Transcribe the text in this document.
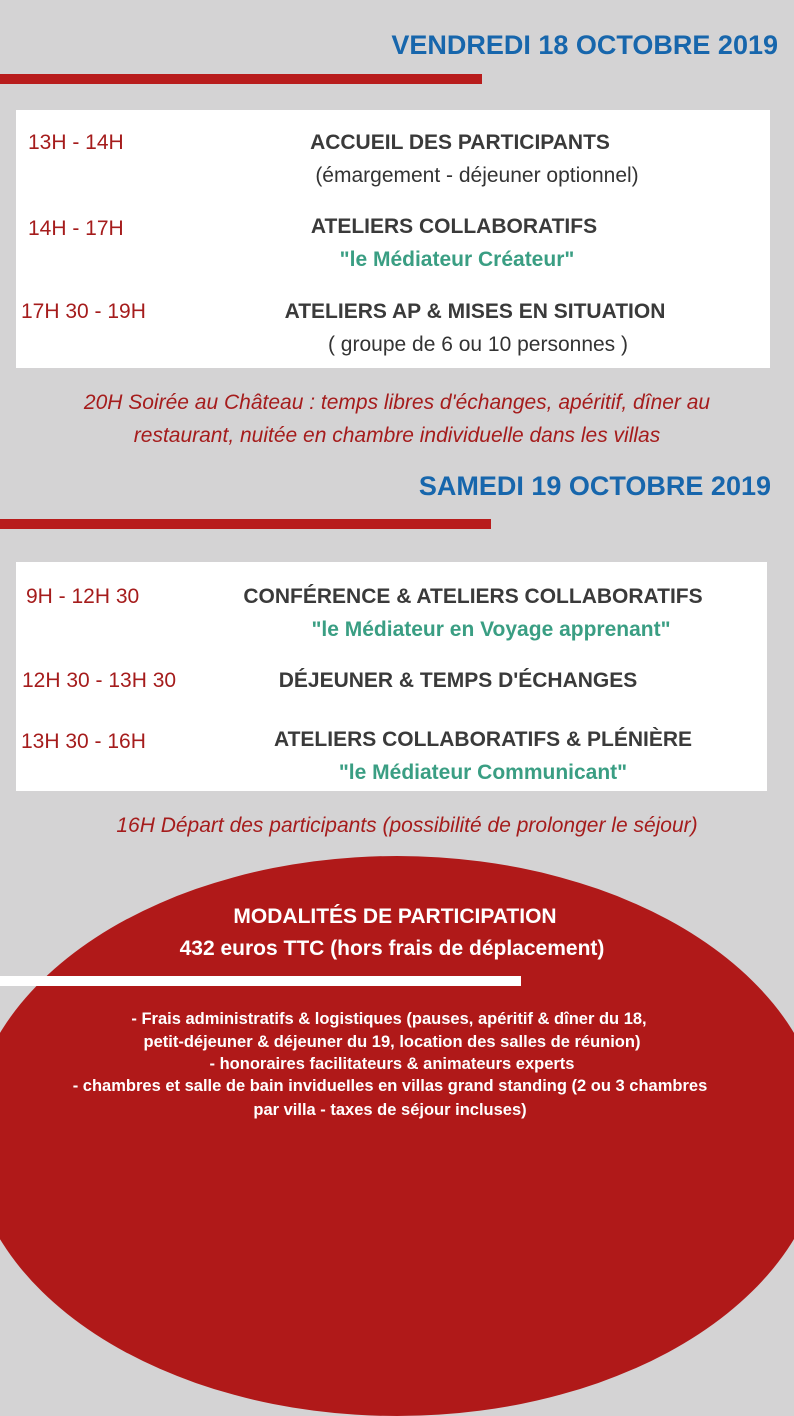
VENDREDI 18 OCTOBRE 2019
13H - 14H	ACCUEIL DES PARTICIPANTS
(émargement - déjeuner optionnel)
14H - 17H	ATELIERS COLLABORATIFS
"le Médiateur Créateur"
17H 30 - 19H	ATELIERS AP & MISES EN SITUATION
( groupe de 6 ou 10 personnes )
20H Soirée au Château : temps libres d'échanges, apéritif, dîner au
restaurant, nuitée en chambre individuelle dans les villas
SAMEDI 19 OCTOBRE 2019
9H - 12H 30	CONFÉRENCE & ATELIERS COLLABORATIFS
"le Médiateur en Voyage apprenant"
12H 30 - 13H 30	DÉJEUNER & TEMPS D'ÉCHANGES
13H 30 - 16H	ATELIERS COLLABORATIFS & PLÉNIÈRE
"le Médiateur Communicant"
16H Départ des participants (possibilité de prolonger le séjour)
MODALITÉS DE PARTICIPATION
432 euros TTC (hors frais de déplacement)
- Frais administratifs & logistiques (pauses, apéritif & dîner du 18,
petit-déjeuner & déjeuner du 19, location des salles de réunion)
- honoraires facilitateurs & animateurs experts
- chambres et salle de bain invidueIles en villas grand standing (2 ou 3 chambres
par villa - taxes de séjour incluses)
